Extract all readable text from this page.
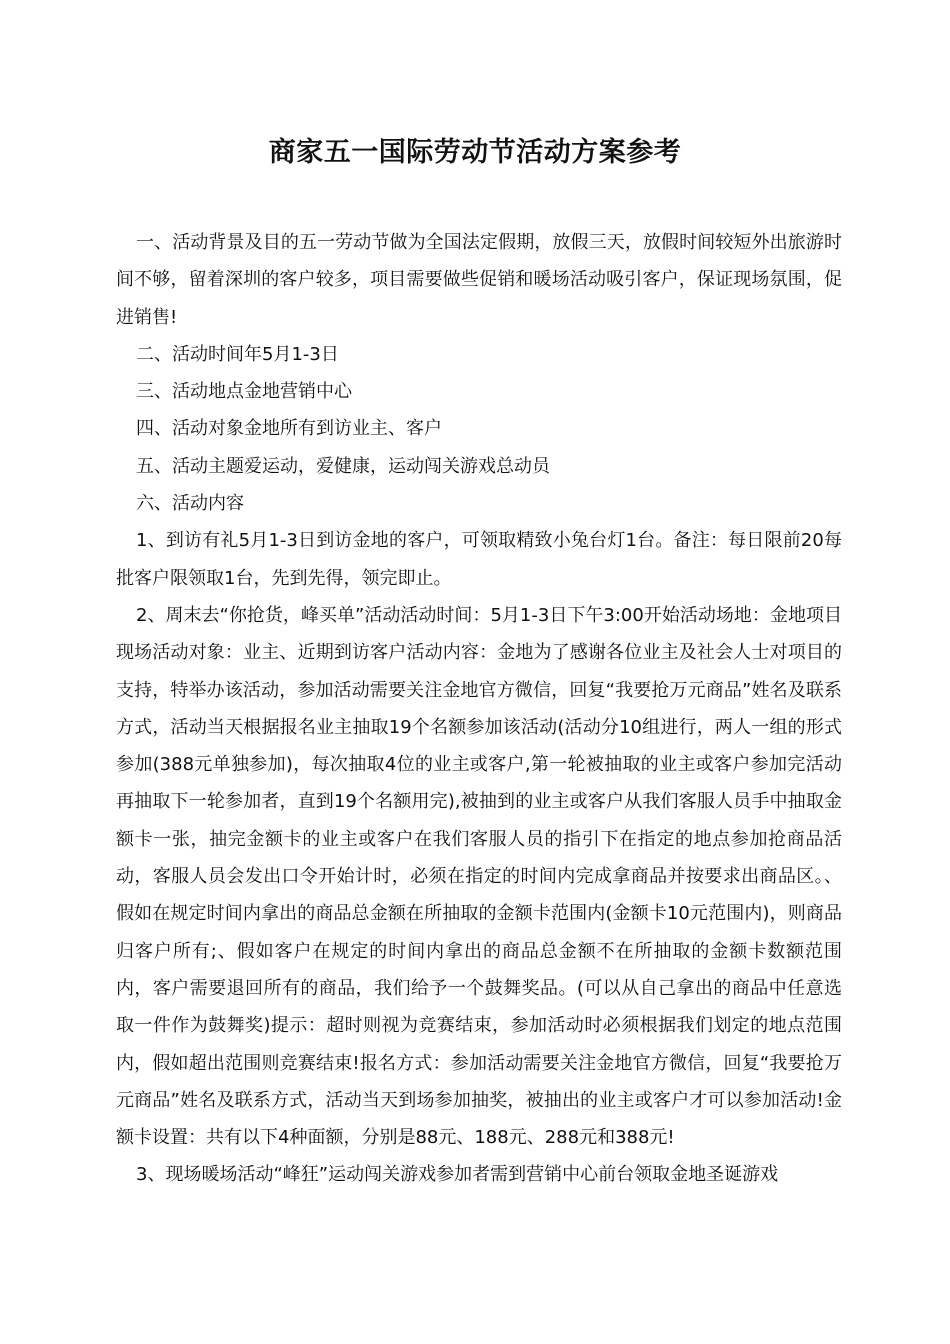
商家五一国际劳动节活动方案参考

一、活动背景及目的五一劳动节做为全国法定假期，放假三天，放假时间较短外出旅游时间不够，留着深圳的客户较多，项目需要做些促销和暖场活动吸引客户，保证现场氛围，促进销售!

二、活动时间年5月1-3日

三、活动地点金地营销中心

四、活动对象金地所有到访业主、客户

五、活动主题爱运动，爱健康，运动闯关游戏总动员

六、活动内容

1、到访有礼5月1-3日到访金地的客户，可领取精致小兔台灯1台。备注：每日限前20每批客户限领取1台，先到先得，领完即止。

2、周末去“你抢货，峰买单”活动活动时间：5月1-3日下午3:00开始活动场地：金地项目现场活动对象：业主、近期到访客户活动内容：金地为了感谢各位业主及社会人士对项目的支持，特举办该活动，参加活动需要关注金地官方微信，回复“我要抢万元商品”姓名及联系方式，活动当天根据报名业主抽取19个名额参加该活动(活动分10组进行，两人一组的形式参加(388元单独参加)，每次抽取4位的业主或客户,第一轮被抽取的业主或客户参加完活动再抽取下一轮参加者，直到19个名额用完),被抽到的业主或客户从我们客服人员手中抽取金额卡一张，抽完金额卡的业主或客户在我们客服人员的指引下在指定的地点参加抢商品活动，客服人员会发出口令开始计时，必须在指定的时间内完成拿商品并按要求出商品区。、假如在规定时间内拿出的商品总金额在所抽取的金额卡范围内(金额卡10元范围内)，则商品归客户所有;、假如客户在规定的时间内拿出的商品总金额不在所抽取的金额卡数额范围内，客户需要退回所有的商品，我们给予一个鼓舞奖品。(可以从自己拿出的商品中任意选取一件作为鼓舞奖)提示：超时则视为竞赛结束，参加活动时必须根据我们划定的地点范围内，假如超出范围则竞赛结束!报名方式：参加活动需要关注金地官方微信，回复“我要抢万元商品”姓名及联系方式，活动当天到场参加抽奖，被抽出的业主或客户才可以参加活动!金额卡设置：共有以下4种面额，分别是88元、188元、288元和388元!

3、现场暖场活动“峰狂”运动闯关游戏参加者需到营销中心前台领取金地圣诞游戏
